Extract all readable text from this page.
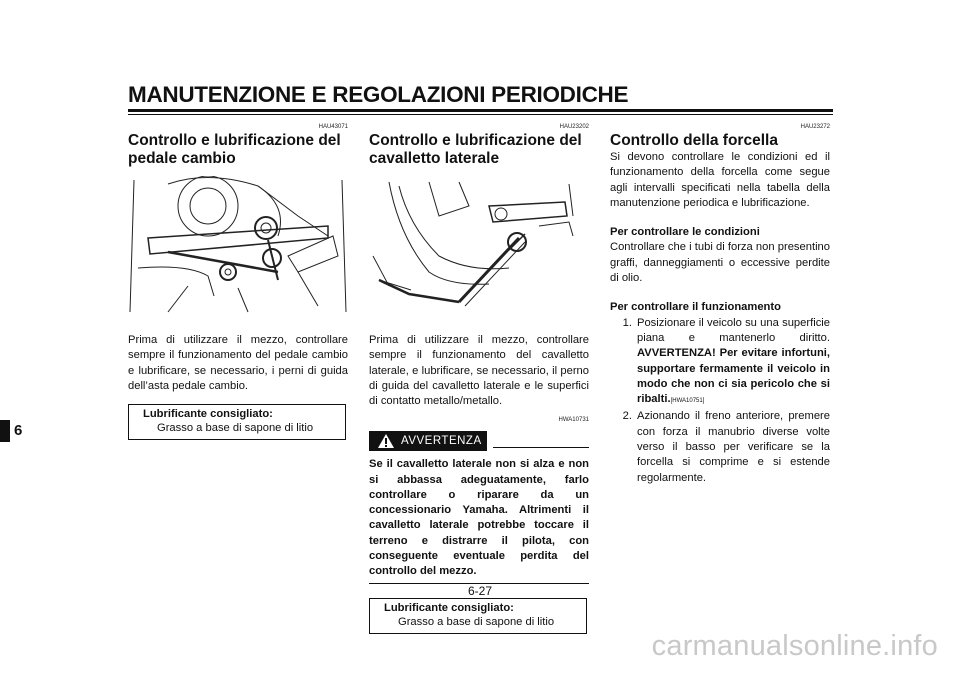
MANUTENZIONE E REGOLAZIONI PERIODICHE
6
HAU43071
Controllo e lubrificazione del pedale cambio

Prima di utilizzare il mezzo, controllare sempre il funzionamento del pedale cambio e lubrificare, se necessario, i perni di guida dell’asta pedale cambio.

Lubrificante consigliato:
Grasso a base di sapone di litio
HAU23202
Controllo e lubrificazione del cavalletto laterale

Prima di utilizzare il mezzo, controllare sempre il funzionamento del cavalletto laterale, e lubrificare, se necessario, il perno di guida del cavalletto laterale e le superfici di contatto metallo/metallo.

HWA10731
AVVERTENZA

Se il cavalletto laterale non si alza e non si abbassa adeguatamente, farlo controllare o riparare da un concessionario Yamaha. Altrimenti il cavalletto laterale potrebbe toccare il terreno e distrarre il pilota, con conseguente eventuale perdita del controllo del mezzo.

Lubrificante consigliato:
Grasso a base di sapone di litio
HAU23272
Controllo della forcella

Si devono controllare le condizioni ed il funzionamento della forcella come segue agli intervalli specificati nella tabella della manutenzione periodica e lubrificazione.

Per controllare le condizioni

Controllare che i tubi di forza non presentino graffi, danneggiamenti o eccessive perdite di olio.

Per controllare il funzionamento

1. Posizionare il veicolo su una superficie piana e mantenerlo diritto. AVVERTENZA! Per evitare infortuni, supportare fermamente il veicolo in modo che non ci sia pericolo che si ribalti.[HWA10751]
2. Azionando il freno anteriore, premere con forza il manubrio diverse volte verso il basso per verificare se la forcella si comprime e si estende regolarmente.
6-27
carmanualsonline.info
